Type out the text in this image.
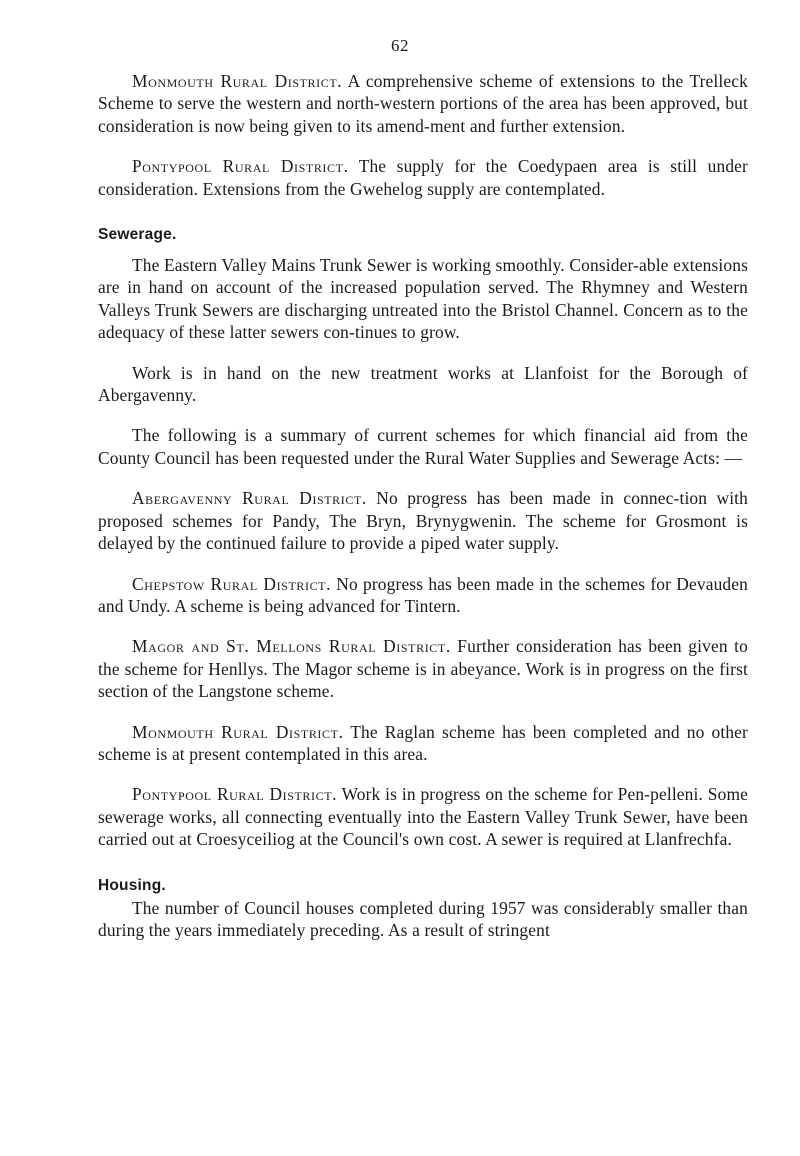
62

Monmouth Rural District. A comprehensive scheme of extensions to the Trelleck Scheme to serve the western and north-western portions of the area has been approved, but consideration is now being given to its amend-ment and further extension.

Pontypool Rural District. The supply for the Coedypaen area is still under consideration. Extensions from the Gwehelog supply are contemplated.

Sewerage.

The Eastern Valley Mains Trunk Sewer is working smoothly. Consider-able extensions are in hand on account of the increased population served. The Rhymney and Western Valleys Trunk Sewers are discharging untreated into the Bristol Channel. Concern as to the adequacy of these latter sewers con-tinues to grow.

Work is in hand on the new treatment works at Llanfoist for the Borough of Abergavenny.

The following is a summary of current schemes for which financial aid from the County Council has been requested under the Rural Water Supplies and Sewerage Acts: —

Abergavenny Rural District. No progress has been made in connec-tion with proposed schemes for Pandy, The Bryn, Brynygwenin. The scheme for Grosmont is delayed by the continued failure to provide a piped water supply.

Chepstow Rural District. No progress has been made in the schemes for Devauden and Undy. A scheme is being advanced for Tintern.

Magor and St. Mellons Rural District. Further consideration has been given to the scheme for Henllys. The Magor scheme is in abeyance. Work is in progress on the first section of the Langstone scheme.

Monmouth Rural District. The Raglan scheme has been completed and no other scheme is at present contemplated in this area.

Pontypool Rural District. Work is in progress on the scheme for Pen-pelleni. Some sewerage works, all connecting eventually into the Eastern Valley Trunk Sewer, have been carried out at Croesyceiliog at the Council's own cost. A sewer is required at Llanfrechfa.

Housing.

The number of Council houses completed during 1957 was considerably smaller than during the years immediately preceding. As a result of stringent
